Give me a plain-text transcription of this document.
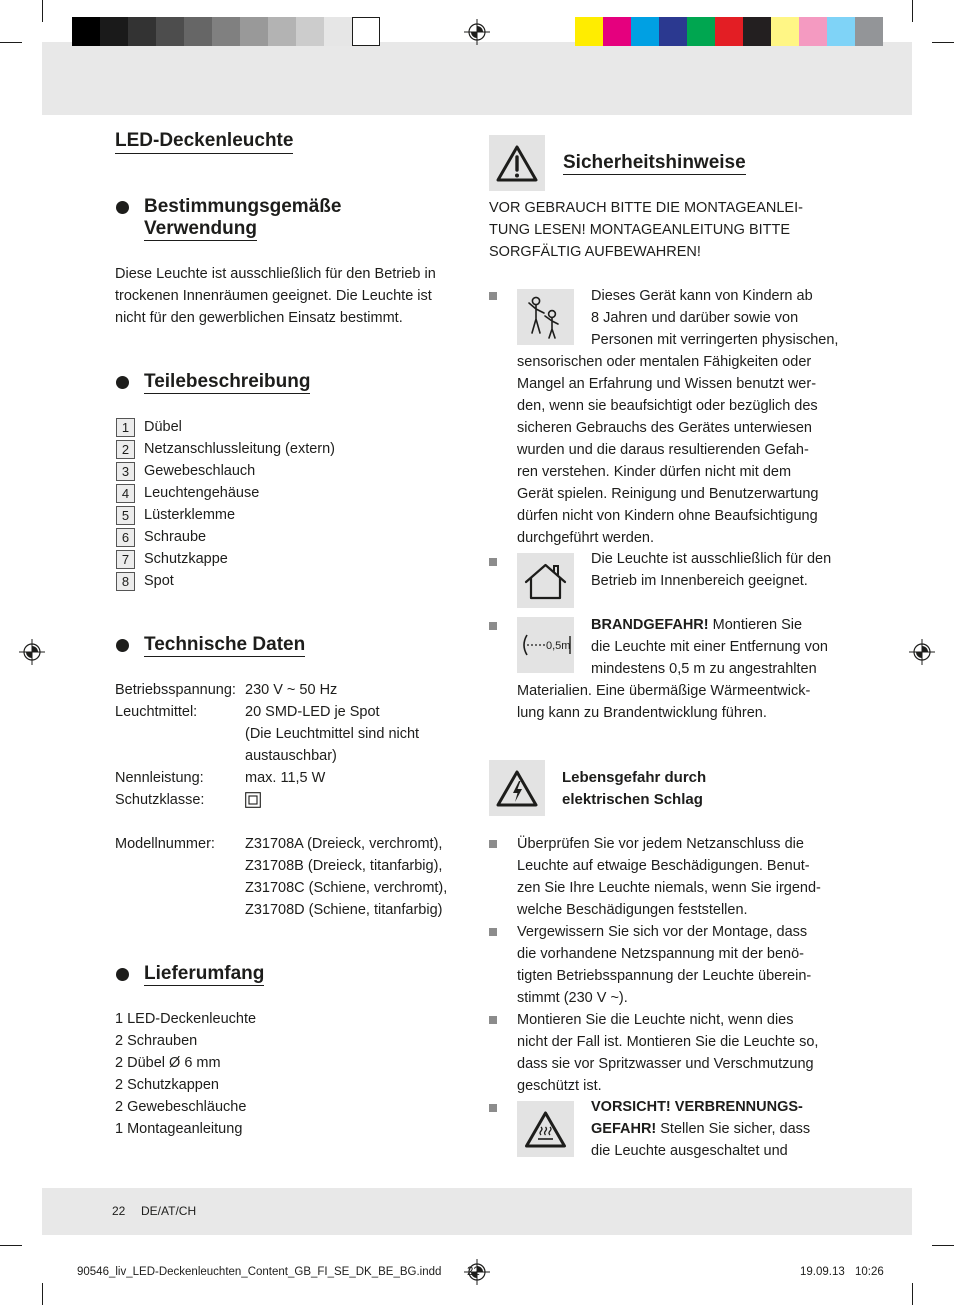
LED-Deckenleuchte
Bestimmungsgemäße
Verwendung
Diese Leuchte ist ausschließlich für den Betrieb in
trockenen Innenräumen geeignet. Die Leuchte ist
nicht für den gewerblichen Einsatz bestimmt.
Teilebeschreibung
1	Dübel
2	Netzanschlussleitung (extern)
3	Gewebeschlauch
4	Leuchtengehäuse
5	Lüsterklemme
6	Schraube
7	Schutzkappe
8	Spot
Technische Daten
Betriebsspannung: 230 V ~ 50 Hz
Leuchtmittel:	20 SMD-LED je Spot
(Die Leuchtmittel sind nicht
austauschbar)
Nennleistung:	max. 11,5 W
Schutzklasse:
Modellnummer: Z31708A (Dreieck, verchromt),
Z31708B (Dreieck, titanfarbig),
Z31708C (Schiene, verchromt),
Z31708D (Schiene, titanfarbig)
Lieferumfang
1 LED-Deckenleuchte
2 Schrauben
2 Dübel Ø 6 mm
2 Schutzkappen
2 Gewebeschläuche
1 Montageanleitung
Sicherheitshinweise
VOR GEBRAUCH BITTE DIE MONTAGEANLEI-
TUNG LESEN! MONTAGEANLEITUNG BITTE
SORGFÄLTIG AUFBEWAHREN!
Dieses Gerät kann von Kindern ab
8 Jahren und darüber sowie von
Personen mit verringerten physischen,
sensorischen oder mentalen Fähigkeiten oder
Mangel an Erfahrung und Wissen benutzt wer-
den, wenn sie beaufsichtigt oder bezüglich des
sicheren Gebrauchs des Gerätes unterwiesen
wurden und die daraus resultierenden Gefah-
ren verstehen. Kinder dürfen nicht mit dem
Gerät spielen. Reinigung und Benutzerwartung
dürfen nicht von Kindern ohne Beaufsichtigung
durchgeführt werden.
Die Leuchte ist ausschließlich für den
Betrieb im Innenbereich geeignet.
0,5m
BRANDGEFAHR! Montieren Sie
die Leuchte mit einer Entfernung von
mindestens 0,5 m zu angestrahlten
Materialien. Eine übermäßige Wärmeentwick-
lung kann zu Brandentwicklung führen.
Lebensgefahr durch
elektrischen Schlag
Überprüfen Sie vor jedem Netzanschluss die
Leuchte auf etwaige Beschädigungen. Benut-
zen Sie Ihre Leuchte niemals, wenn Sie irgend-
welche Beschädigungen feststellen.
Vergewissern Sie sich vor der Montage, dass
die vorhandene Netzspannung mit der benö-
tigten Betriebsspannung der Leuchte überein-
stimmt (230 V ~).
Montieren Sie die Leuchte nicht, wenn dies
nicht der Fall ist. Montieren Sie die Leuchte so,
dass sie vor Spritzwasser und Verschmutzung
geschützt ist.
VORSICHT! VERBRENNUNGS-
GEFAHR! Stellen Sie sicher, dass
die Leuchte ausgeschaltet und
22 DE/AT/CH
90546_liv_LED-Deckenleuchten_Content_GB_FI_SE_DK_BE_BG.indd 22	19.09.13 10:26
